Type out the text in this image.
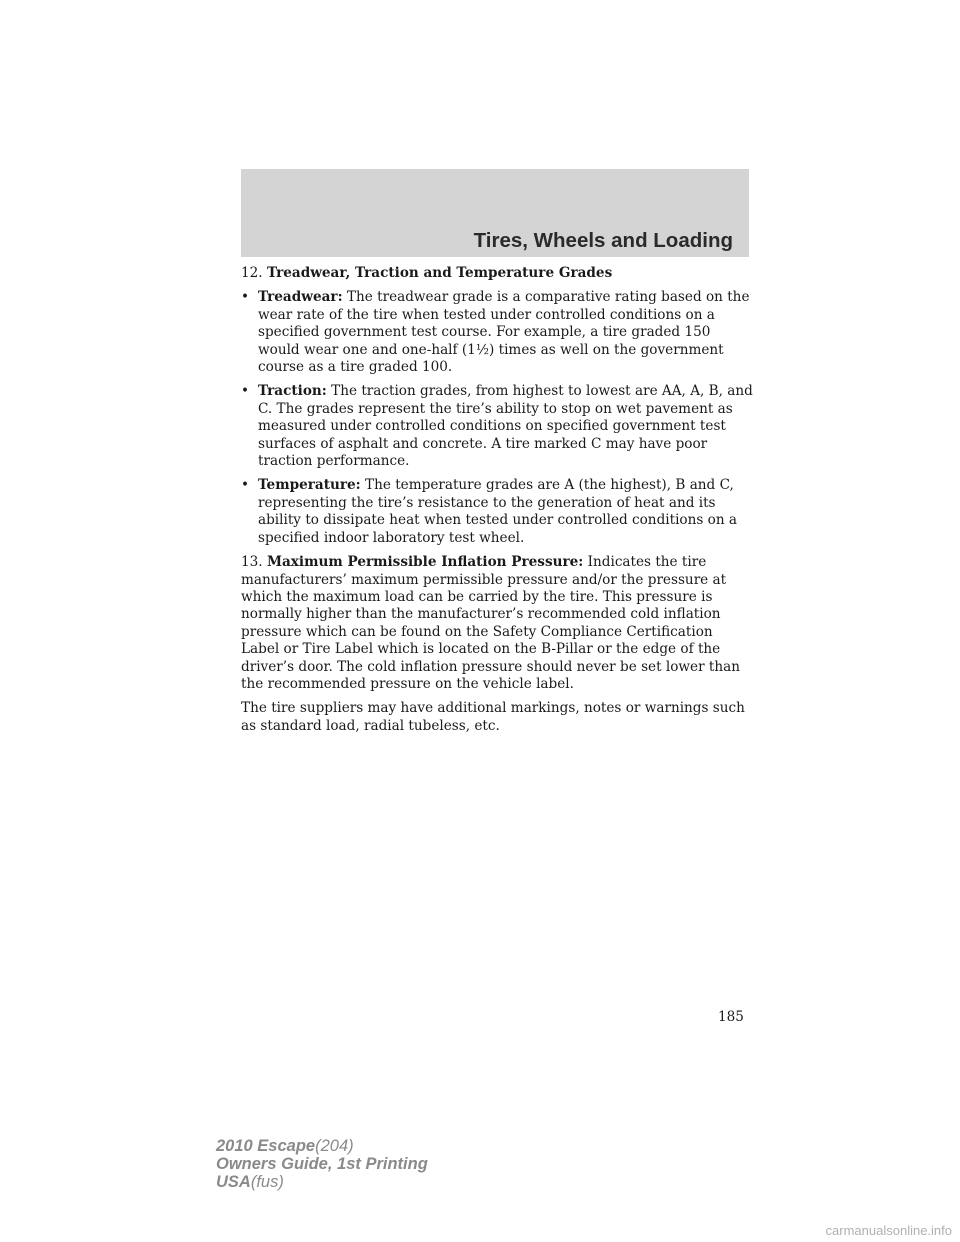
Tires, Wheels and Loading

12. Treadwear, Traction and Temperature Grades

• Treadwear: The treadwear grade is a comparative rating based on the wear rate of the tire when tested under controlled conditions on a specified government test course. For example, a tire graded 150 would wear one and one-half (1½) times as well on the government course as a tire graded 100.
• Traction: The traction grades, from highest to lowest are AA, A, B, and C. The grades represent the tire’s ability to stop on wet pavement as measured under controlled conditions on specified government test surfaces of asphalt and concrete. A tire marked C may have poor traction performance.
• Temperature: The temperature grades are A (the highest), B and C, representing the tire’s resistance to the generation of heat and its ability to dissipate heat when tested under controlled conditions on a specified indoor laboratory test wheel.

13. Maximum Permissible Inflation Pressure: Indicates the tire manufacturers’ maximum permissible pressure and/or the pressure at which the maximum load can be carried by the tire. This pressure is normally higher than the manufacturer’s recommended cold inflation pressure which can be found on the Safety Compliance Certification Label or Tire Label which is located on the B-Pillar or the edge of the driver’s door. The cold inflation pressure should never be set lower than the recommended pressure on the vehicle label.

The tire suppliers may have additional markings, notes or warnings such as standard load, radial tubeless, etc.

185
2010 Escape(204)
Owners Guide, 1st Printing
USA(fus)
carmanualsonline.info
